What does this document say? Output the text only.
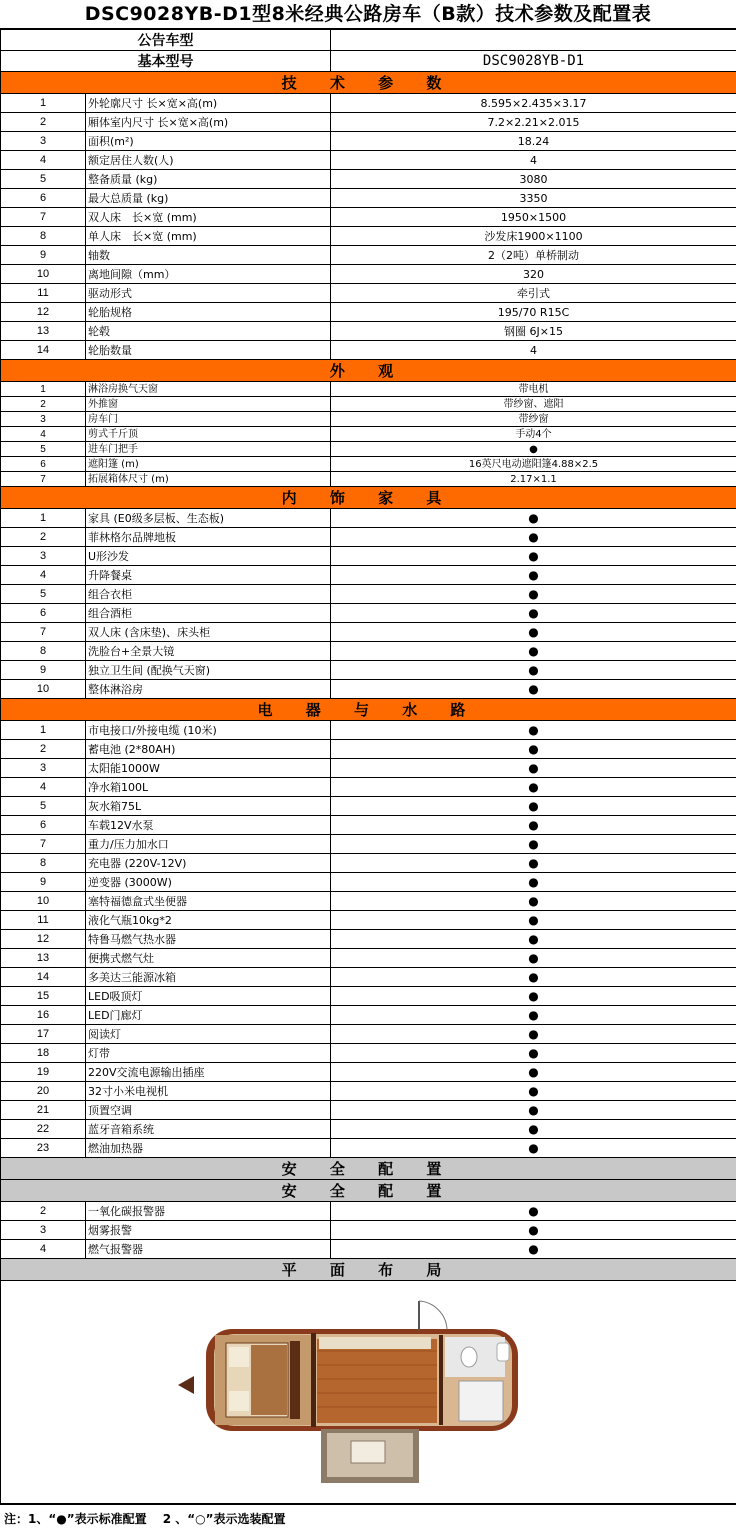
DSC9028YB-D1型8米经典公路房车（B款）技术参数及配置表
公告车型		
基本型号		DSC9028YB-D1
技 术 参 数		
1	外轮廓尺寸 长×宽×高(m)	8.595×2.435×3.17
2	厢体室内尺寸 长×宽×高(m)	7.2×2.21×2.015
3	面积(m²)	18.24
4	额定居住人数(人)	4
5	整备质量 (kg)	3080
6	最大总质量 (kg)	3350
7	双人床　长×宽 (mm)	1950×1500
8	单人床　长×宽 (mm)	沙发床1900×1100
9	轴数	2（2吨）单桥制动
10	离地间隙（mm）	320
11	驱动形式	牵引式
12	轮胎规格	195/70 R15C
13	轮毂	钢圈 6J×15
14	轮胎数量	4
外 观		
1	淋浴房换气天窗	带电机
2	外推窗	带纱窗、遮阳
3	房车门	带纱窗
4	剪式千斤顶	手动4个
5	进车门把手	●
6	遮阳篷 (m)	16英尺电动遮阳篷4.88×2.5
7	拓展箱体尺寸 (m)	2.17×1.1
内 饰 家 具		
1	家具 (E0级多层板、生态板)	●
2	菲林格尔品牌地板	●
3	U形沙发	●
4	升降餐桌	●
5	组合衣柜	●
6	组合酒柜	●
7	双人床 (含床垫)、床头柜	●
8	洗脸台+全景大镜	●
9	独立卫生间 (配换气天窗)	●
10	整体淋浴房	●
电 器 与 水 路		
1	市电接口/外接电缆 (10米)	●
2	蓄电池 (2*80AH)	●
3	太阳能1000W	●
4	净水箱100L	●
5	灰水箱75L	●
6	车载12V水泵	●
7	重力/压力加水口	●
8	充电器 (220V-12V)	●
9	逆变器 (3000W)	●
10	塞特福德盒式坐便器	●
11	液化气瓶10kg*2	●
12	特鲁马燃气热水器	●
13	便携式燃气灶	●
14	多美达三能源冰箱	●
15	LED吸顶灯	●
16	LED门廊灯	●
17	阅读灯	●
18	灯带	●
19	220V交流电源输出插座	●
20	32寸小米电视机	●
21	顶置空调	●
22	蓝牙音箱系统	●
23	燃油加热器	●
安 全 配 置		
安 全 配 置		
2	一氧化碳报警器	●
3	烟雾报警	●
4	燃气报警器	●
平 面 布 局		

注：1、“●”表示标准配置　 2 、“○”表示选装配置
